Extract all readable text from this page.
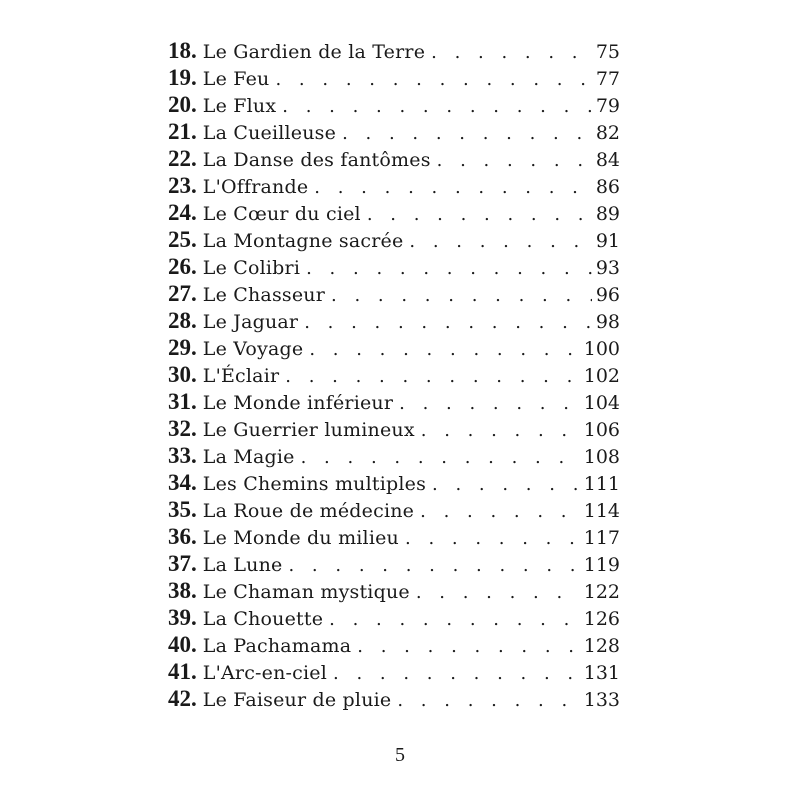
18. Le Gardien de la Terre . . .	75
19. Le Feu . . .	77
20. Le Flux . . .	79
21. La Cueilleuse . . .	82
22. La Danse des fantômes . . .	84
23. L'Offrande . . .	86
24. Le Cœur du ciel . . .	89
25. La Montagne sacrée . . .	91
26. Le Colibri . . .	93
27. Le Chasseur . . .	96
28. Le Jaguar . . .	98
29. Le Voyage . . .	100
30. L'Éclair . . .	102
31. Le Monde inférieur . . .	104
32. Le Guerrier lumineux . . .	106
33. La Magie . . .	108
34. Les Chemins multiples . . .	111
35. La Roue de médecine . . .	114
36. Le Monde du milieu . . .	117
37. La Lune . . .	119
38. Le Chaman mystique . . .	122
39. La Chouette . . .	126
40. La Pachamama . . .	128
41. L'Arc-en-ciel . . .	131
42. Le Faiseur de pluie . . .	133
5
